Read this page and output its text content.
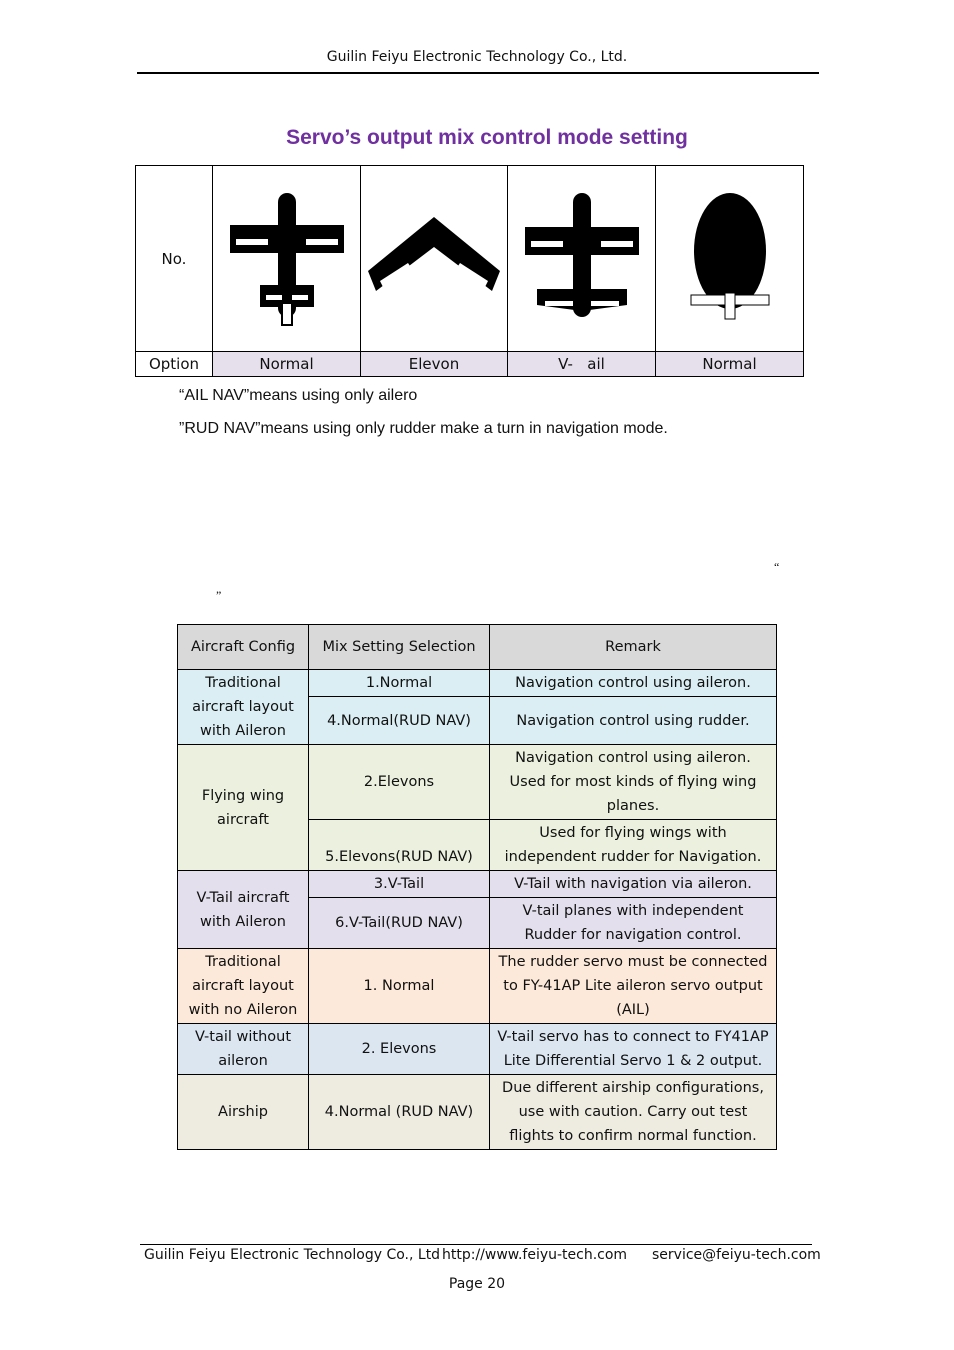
Guilin Feiyu Electronic Technology Co., Ltd.
Servo’s output mix control mode setting
No.	

Option	Normal	Elevon	V-   ail	Normal
“AIL NAV”means using only ailero
”RUD NAV”means using only rudder make a turn in navigation mode.
“
”
Aircraft Config	Mix Setting Selection	Remark
Traditional aircraft layout with Aileron	1.Normal	Navigation control using aileron.
	4.Normal(RUD NAV)	Navigation control using rudder.
Flying wing aircraft	2.Elevons	Navigation control using aileron. Used for most kinds of flying wing planes.
	5.Elevons(RUD NAV)	Used for flying wings with independent rudder for Navigation.
V-Tail aircraft with Aileron	3.V-Tail	V-Tail with navigation via aileron.
	6.V-Tail(RUD NAV)	V-tail planes with independent Rudder for navigation control.
Traditional aircraft layout with no Aileron	1. Normal	The rudder servo must be connected to FY-41AP Lite aileron servo output (AIL)
V-tail without aileron	2. Elevons	V-tail servo has to connect to FY41AP Lite Differential Servo 1 & 2 output.
Airship	4.Normal (RUD NAV)	Due different airship configurations, use with caution. Carry out test flights to confirm normal function.
Guilin Feiyu Electronic Technology Co., Ltd http://www.feiyu-tech.com service@feiyu-tech.com
Page 20
